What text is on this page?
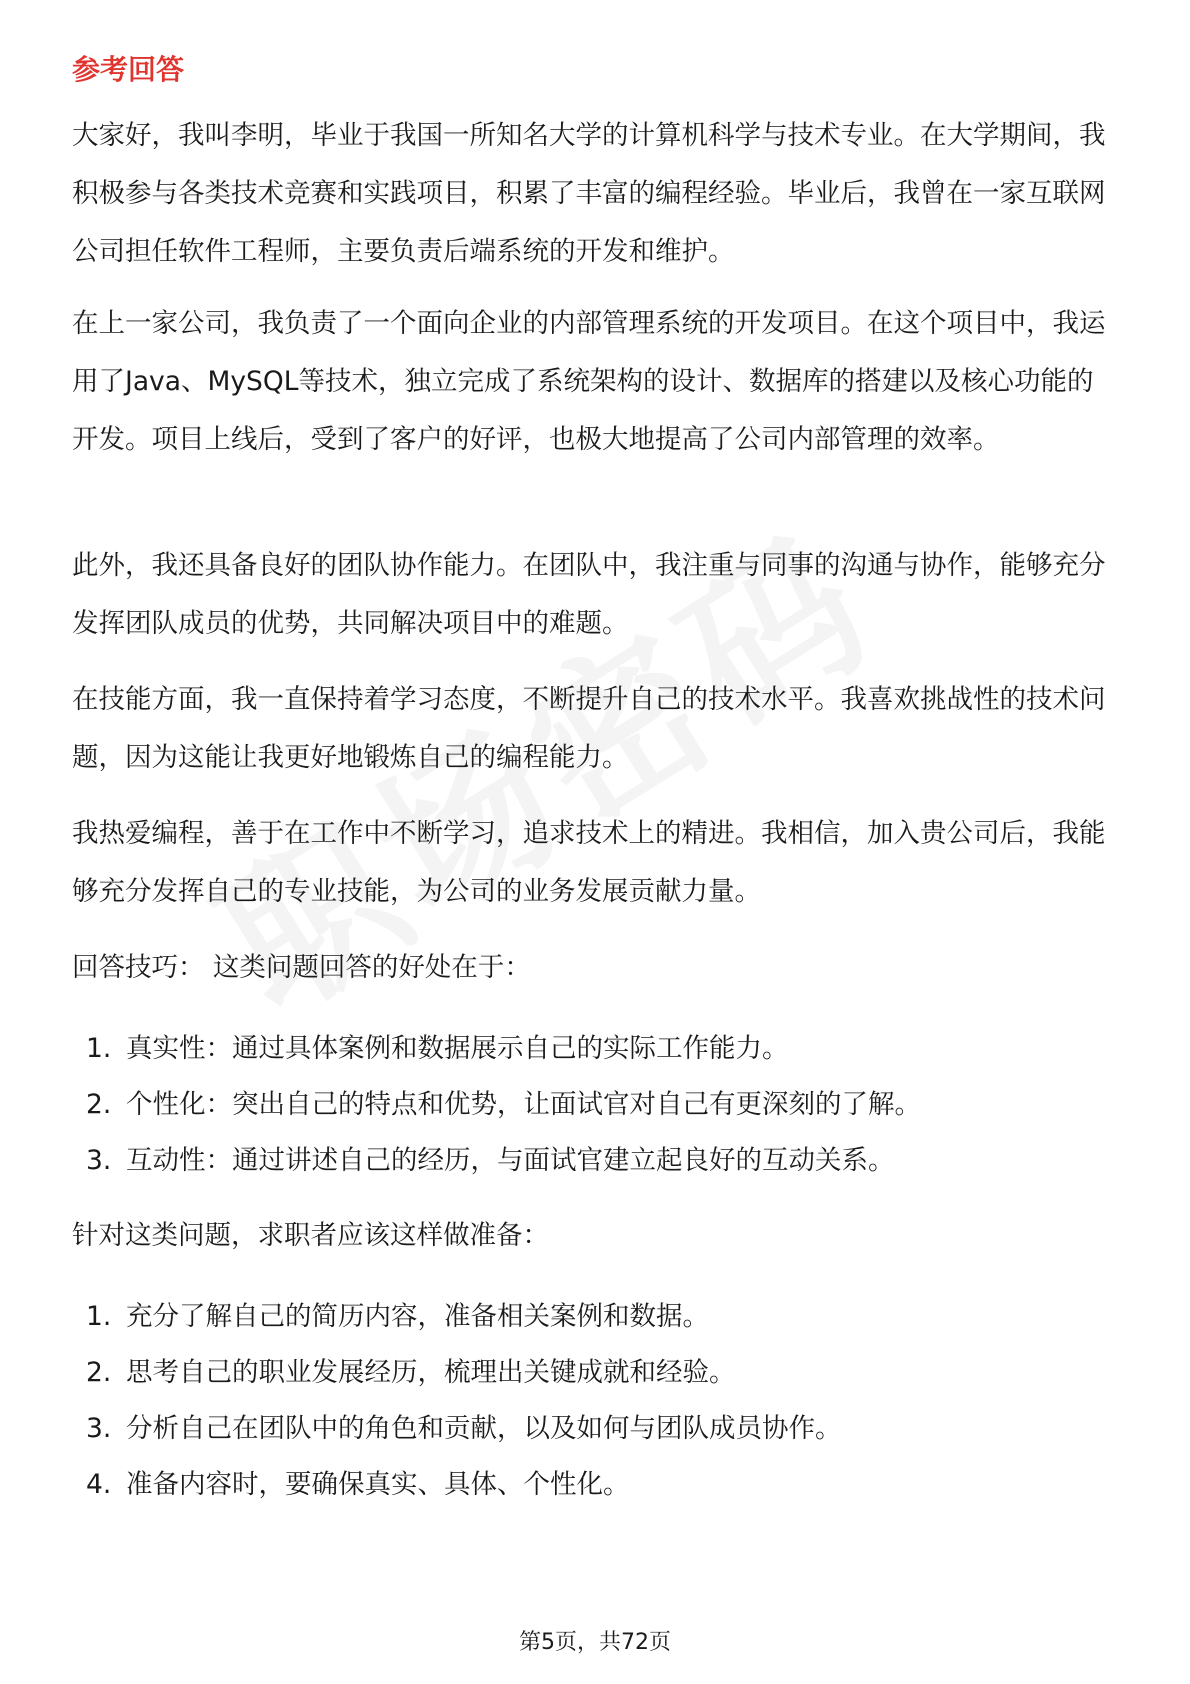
参考回答

大家好，我叫李明，毕业于我国一所知名大学的计算机科学与技术专业。在大学期间，我积极参与各类技术竞赛和实践项目，积累了丰富的编程经验。毕业后，我曾在一家互联网公司担任软件工程师，主要负责后端系统的开发和维护。

在上一家公司，我负责了一个面向企业的内部管理系统的开发项目。在这个项目中，我运用了Java、MySQL等技术，独立完成了系统架构的设计、数据库的搭建以及核心功能的开发。项目上线后，受到了客户的好评，也极大地提高了公司内部管理的效率。

此外，我还具备良好的团队协作能力。在团队中，我注重与同事的沟通与协作，能够充分发挥团队成员的优势，共同解决项目中的难题。

在技能方面，我一直保持着学习态度，不断提升自己的技术水平。我喜欢挑战性的技术问题，因为这能让我更好地锻炼自己的编程能力。

我热爱编程，善于在工作中不断学习，追求技术上的精进。我相信，加入贵公司后，我能够充分发挥自己的专业技能，为公司的业务发展贡献力量。

回答技巧： 这类问题回答的好处在于：

1. 真实性：通过具体案例和数据展示自己的实际工作能力。
2. 个性化：突出自己的特点和优势，让面试官对自己有更深刻的了解。
3. 互动性：通过讲述自己的经历，与面试官建立起良好的互动关系。

针对这类问题，求职者应该这样做准备：

1. 充分了解自己的简历内容，准备相关案例和数据。
2. 思考自己的职业发展经历，梳理出关键成就和经验。
3. 分析自己在团队中的角色和贡献，以及如何与团队成员协作。
4. 准备内容时，要确保真实、具体、个性化。
第5页，共72页
